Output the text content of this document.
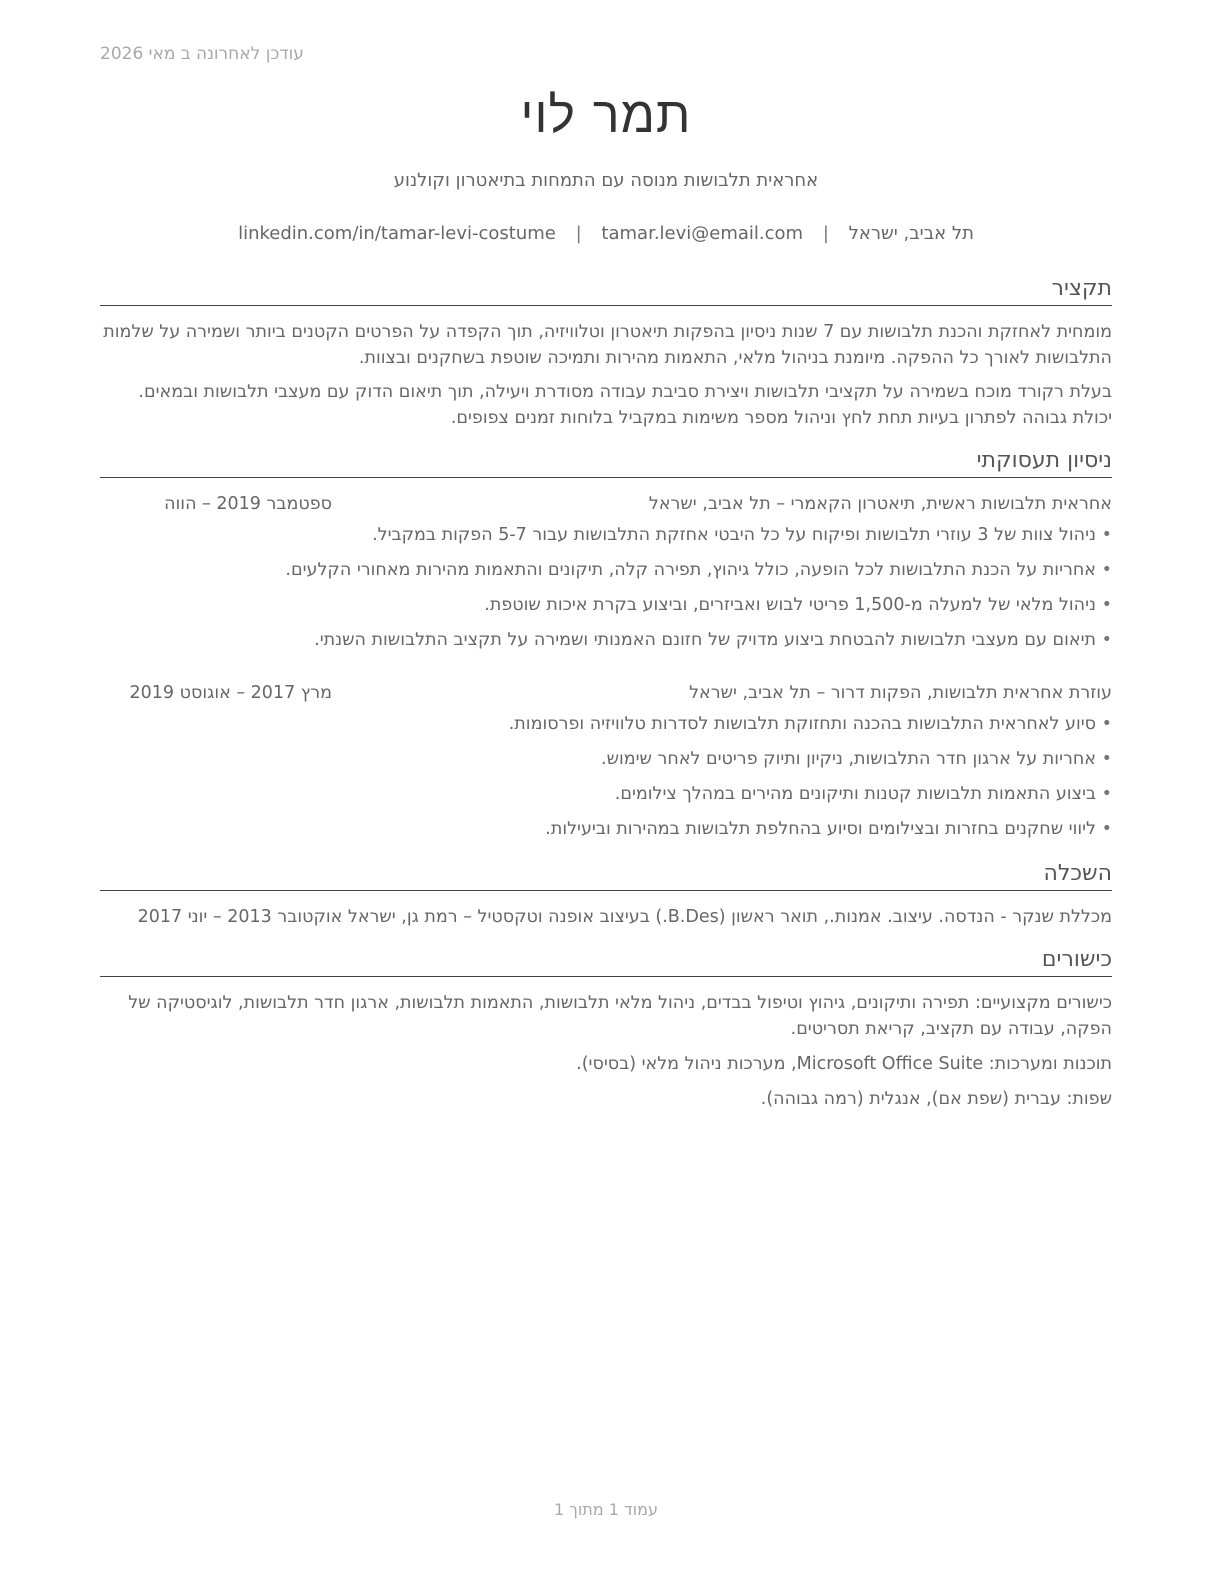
עודכן לאחרונה ב מאי 2026
תמר לוי
אחראית תלבושות מנוסה עם התמחות בתיאטרון וקולנוע
תל אביב, ישראל | tamar.levi@email.com | linkedin.com/in/tamar-levi-costume
תקציר
מומחית לאחזקת והכנת תלבושות עם 7 שנות ניסיון בהפקות תיאטרון וטלוויזיה, תוך הקפדה על הפרטים הקטנים ביותר ושמירה על שלמות התלבושות לאורך כל ההפקה. מיומנת בניהול מלאי, התאמות מהירות ותמיכה שוטפת בשחקנים ובצוות.
בעלת רקורד מוכח בשמירה על תקציבי תלבושות ויצירת סביבת עבודה מסודרת ויעילה, תוך תיאום הדוק עם מעצבי תלבושות ובמאים. יכולת גבוהה לפתרון בעיות תחת לחץ וניהול מספר משימות במקביל בלוחות זמנים צפופים.
ניסיון תעסוקתי
אחראית תלבושות ראשית, תיאטרון הקאמרי – תל אביב, ישראל
ספטמבר 2019 – הווה
•
ניהול צוות של 3 עוזרי תלבושות ופיקוח על כל היבטי אחזקת התלבושות עבור 5-7 הפקות במקביל.
•
אחריות על הכנת התלבושות לכל הופעה, כולל גיהוץ, תפירה קלה, תיקונים והתאמות מהירות מאחורי הקלעים.
•
ניהול מלאי של למעלה מ-1,500 פריטי לבוש ואביזרים, וביצוע בקרת איכות שוטפת.
•
תיאום עם מעצבי תלבושות להבטחת ביצוע מדויק של חזונם האמנותי ושמירה על תקציב התלבושות השנתי.
עוזרת אחראית תלבושות, הפקות דרור – תל אביב, ישראל
מרץ 2017 – אוגוסט 2019
•
סיוע לאחראית התלבושות בהכנה ותחזוקת תלבושות לסדרות טלוויזיה ופרסומות.
•
אחריות על ארגון חדר התלבושות, ניקיון ותיוק פריטים לאחר שימוש.
•
ביצוע התאמות תלבושות קטנות ותיקונים מהירים במהלך צילומים.
•
ליווי שחקנים בחזרות ובצילומים וסיוע בהחלפת תלבושות במהירות וביעילות.
השכלה
מכללת שנקר - הנדסה. עיצוב. אמנות., תואר ראשון (B.Des.) בעיצוב אופנה וטקסטיל – רמת גן, ישראל אוקטובר 2013 – יוני 2017
כישורים
כישורים מקצועיים: תפירה ותיקונים, גיהוץ וטיפול בבדים, ניהול מלאי תלבושות, התאמות תלבושות, ארגון חדר תלבושות, לוגיסטיקה של הפקה, עבודה עם תקציב, קריאת תסריטים.
תוכנות ומערכות: Microsoft Office Suite, מערכות ניהול מלאי (בסיסי).
שפות: עברית (שפת אם), אנגלית (רמה גבוהה).
עמוד 1 מתוך 1
